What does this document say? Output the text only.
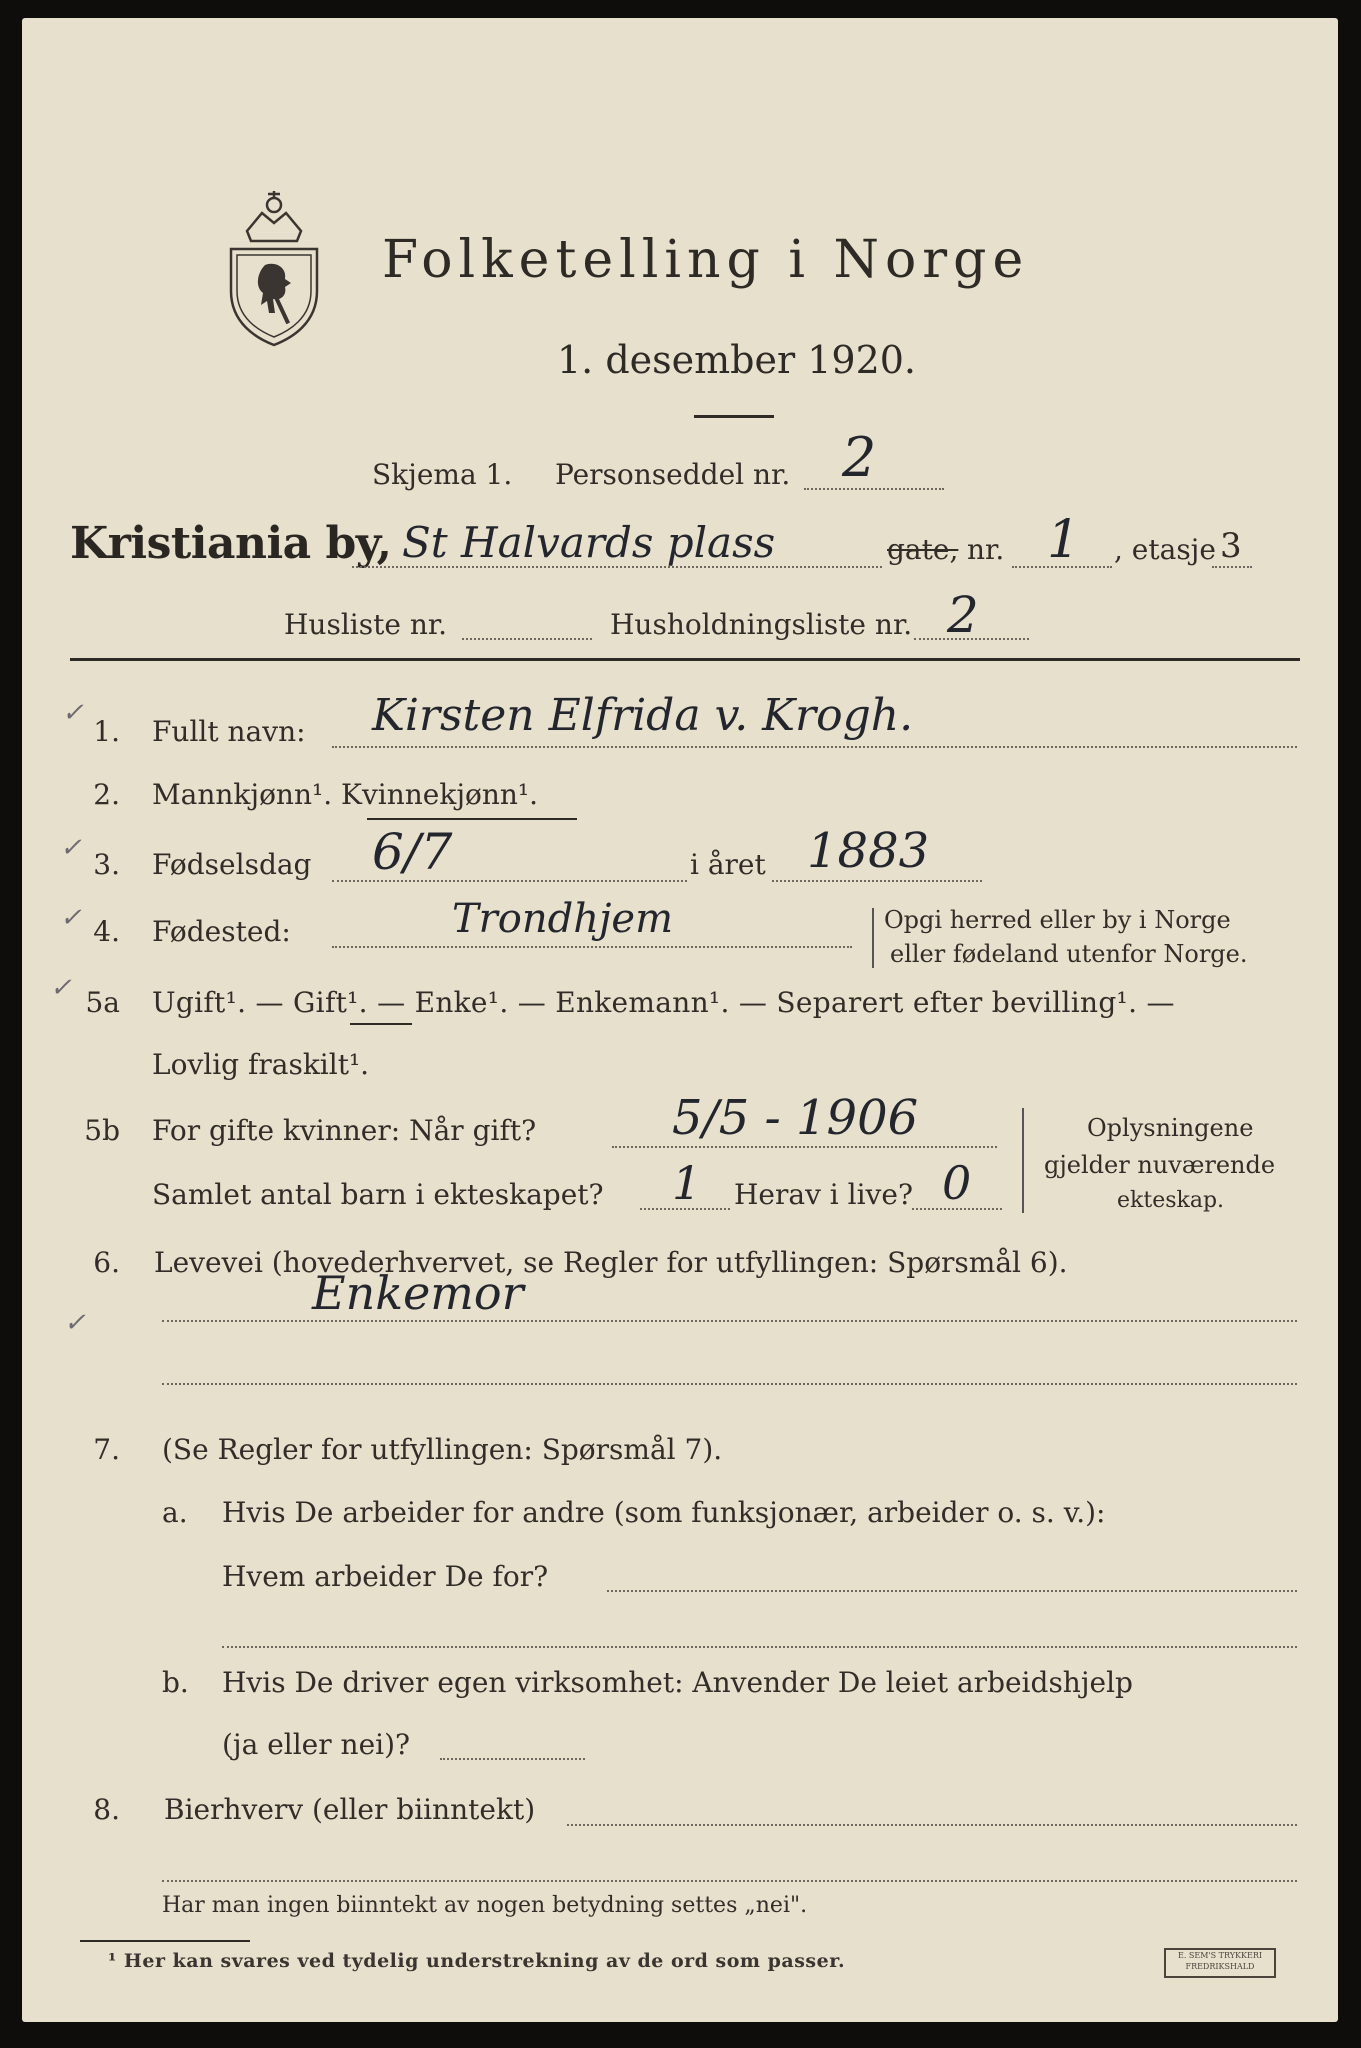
Folketelling i Norge
1. desember 1920.
Skjema 1. Personseddel nr. 2
Kristiania by, St Halvards plass	gate, nr. 1 , etasje 3
Husliste nr.	Husholdningsliste nr. 2
✓
✓
✓
✓
✓
1. Fullt navn: Kirsten Elfrida v. Krogh.
2. Mannkjønn¹. Kvinnekjønn¹.
3. Fødselsdag 6/7	i året 1883
4. Fødested:	Trondhjem	Opgi herred eller by i Norge
eller fødeland utenfor Norge.
5a Ugift¹. — Gift¹. — Enke¹. — Enkemann¹. — Separert efter bevilling¹. —
Lovlig fraskilt¹.
5b For gifte kvinner: Når gift?	5/5 - 1906
Samlet antal barn i ekteskapet? 1 Herav i live? 0
Oplysningene
gjelder nuværende
ekteskap.
6. Levevei (hovederhvervet, se Regler for utfyllingen: Spørsmål 6).
Enkemor
7. (Se Regler for utfyllingen: Spørsmål 7).
a. Hvis De arbeider for andre (som funksjonær, arbeider o. s. v.):
Hvem arbeider De for?
b. Hvis De driver egen virksomhet: Anvender De leiet arbeidshjelp
(ja eller nei)?
8. Bierhverv (eller biinntekt)
Har man ingen biinntekt av nogen betydning settes „nei".
¹ Her kan svares ved tydelig understrekning av de ord som passer.	E. SEM'S TRYKKERI
FREDRIKSHALD
